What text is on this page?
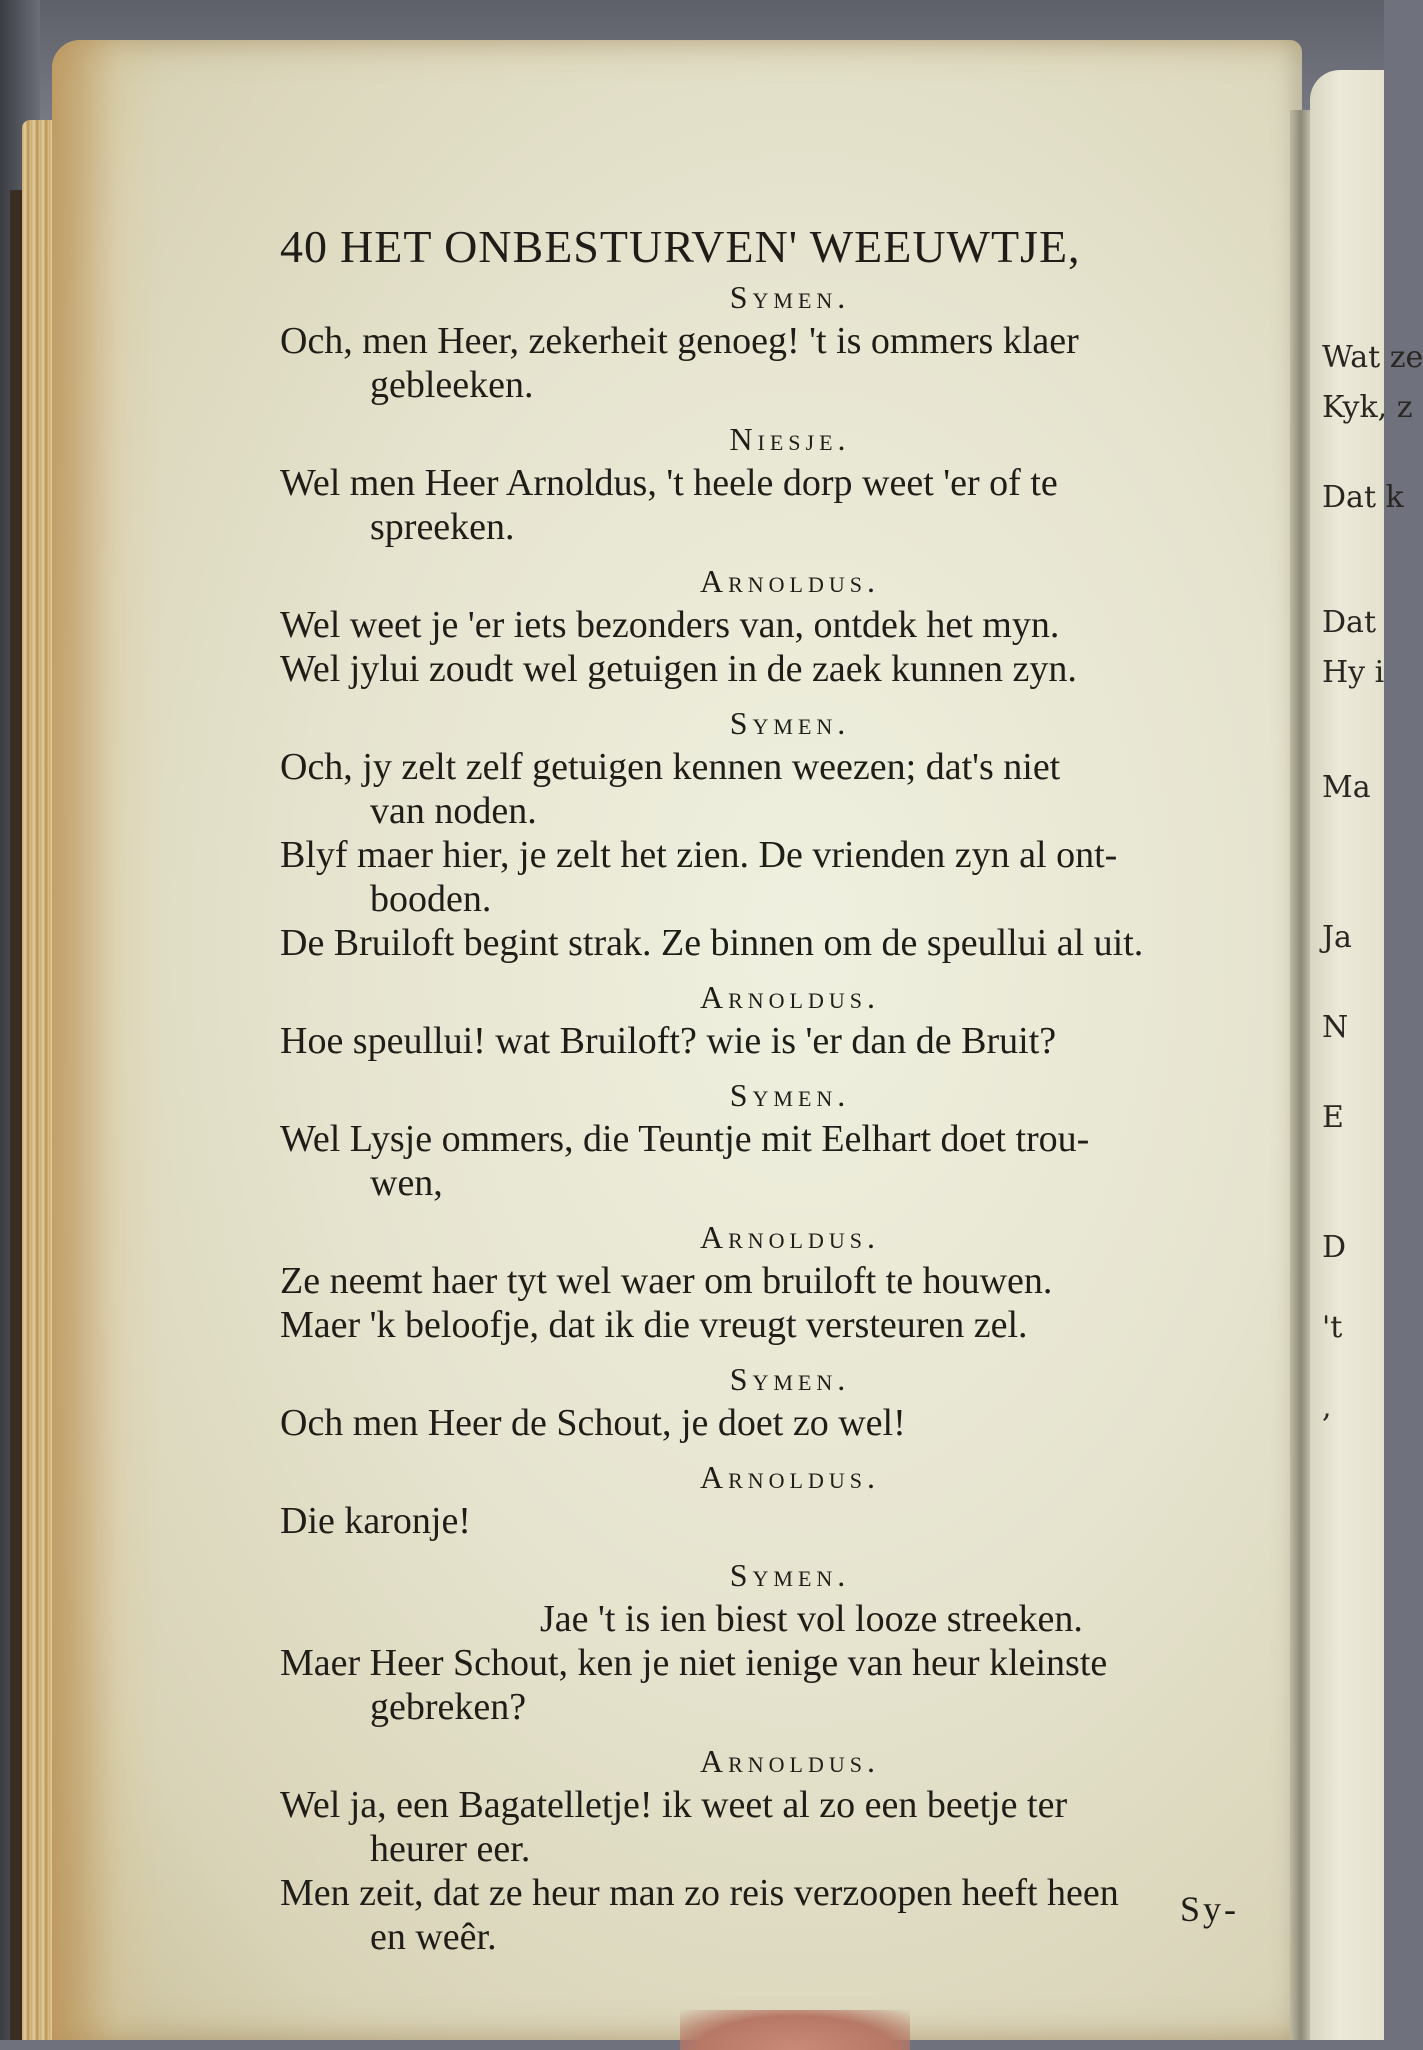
Wat ze
Kyk, z
Dat k
Dat
Hy i
Ma
Ja
N
E
D
't
,
40 HET ONBESTURVEN' WEEUWTJE,
Symen.
Och, men Heer, zekerheit genoeg! 't is ommers klaer
gebleeken.
Niesje.
Wel men Heer Arnoldus, 't heele dorp weet 'er of te
spreeken.
Arnoldus.
Wel weet je 'er iets bezonders van, ontdek het myn.
Wel jylui zoudt wel getuigen in de zaek kunnen zyn.
Symen.
Och, jy zelt zelf getuigen kennen weezen; dat's niet
van noden.
Blyf maer hier, je zelt het zien. De vrienden zyn al ont-
booden.
De Bruiloft begint strak. Ze binnen om de speullui al uit.
Arnoldus.
Hoe speullui! wat Bruiloft? wie is 'er dan de Bruit?
Symen.
Wel Lysje ommers, die Teuntje mit Eelhart doet trou-
wen,
Arnoldus.
Ze neemt haer tyt wel waer om bruiloft te houwen.
Maer 'k beloofje, dat ik die vreugt versteuren zel.
Symen.
Och men Heer de Schout, je doet zo wel!
Arnoldus.
Die karonje!
Symen.
Jae 't is ien biest vol looze streeken.
Maer Heer Schout, ken je niet ienige van heur kleinste
gebreken?
Arnoldus.
Wel ja, een Bagatelletje! ik weet al zo een beetje ter
heurer eer.
Men zeit, dat ze heur man zo reis verzoopen heeft heen
en weêr.
Sy-
